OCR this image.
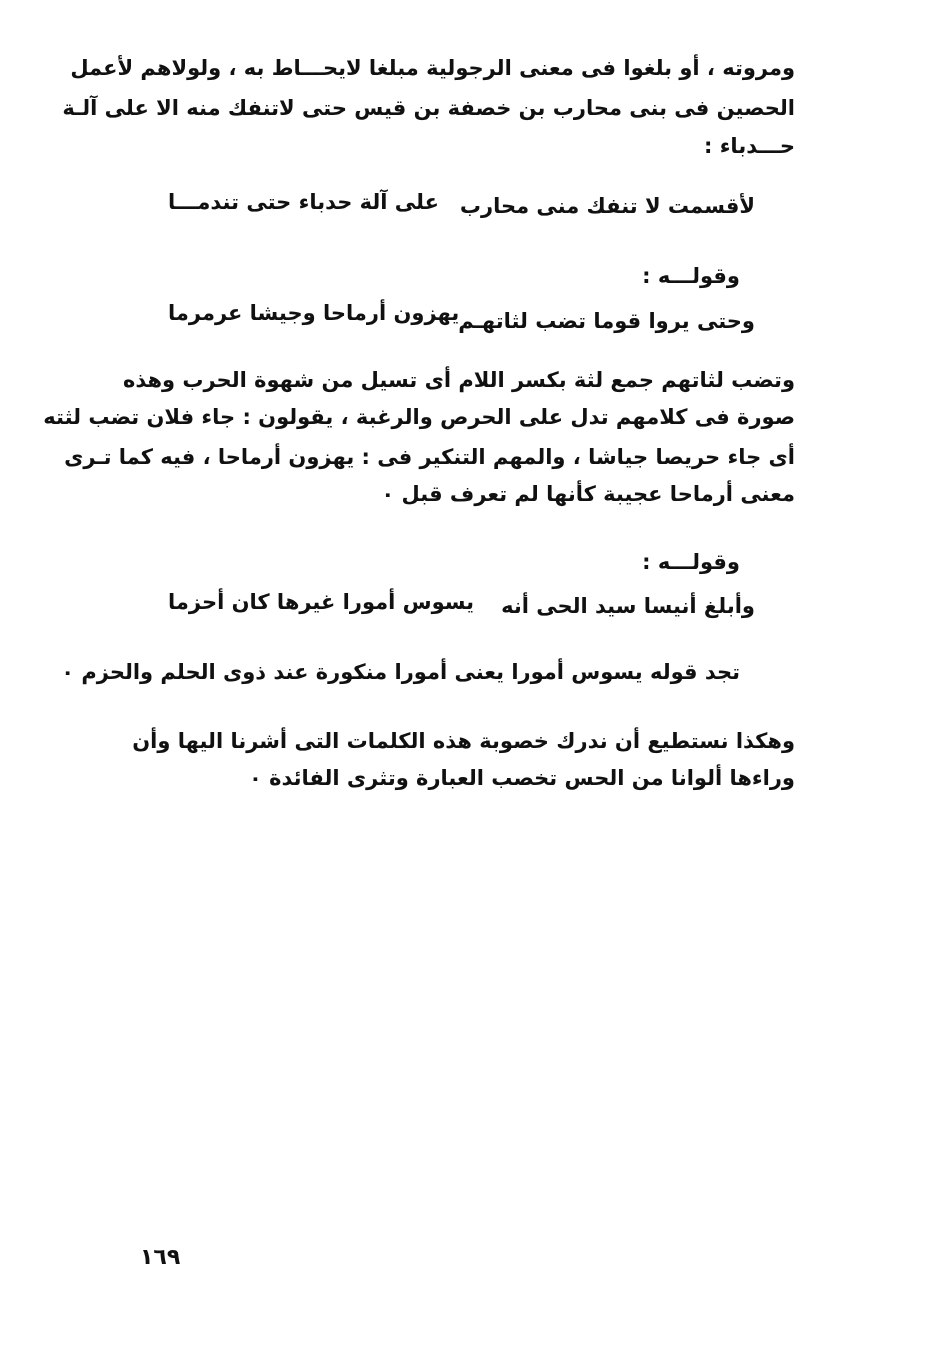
ومروته ، أو بلغوا فى معنى الرجولية مبلغا لايحـــاط به ، ولولاهم لأعمل
الحصين فى بنى محارب بن خصفة بن قيس حتى لاتنفك منه الا على آلـة
حـــدباء :
لأقسمت لا تنفك منى محارب
على آلة حدباء حتى تندمـــا
وقولـــه :
وحتى يروا قوما تضب لثاتهـم
يهزون أرماحا وجيشا عرمرما
وتضب لثاتهم جمع لثة بكسر اللام أى تسيل من شهوة الحرب وهذه
صورة فى كلامهم تدل على الحرص والرغبة ، يقولون : جاء فلان تضب لثته
أى جاء حريصا جياشا ، والمهم التنكير فى : يهزون أرماحا ، فيه كما تـرى
معنى أرماحا عجيبة كأنها لم تعرف قبل ٠
وقولـــه :
وأبلغ أنيسا سيد الحى أنه
يسوس أمورا غيرها كان أحزما
تجد قوله يسوس أمورا يعنى أمورا منكورة عند ذوى الحلم والحزم ٠
وهكذا نستطيع أن ندرك خصوبة هذه الكلمات التى أشرنا اليها وأن
وراءها ألوانا من الحس تخصب العبارة وتثرى الفائدة ٠
١٦٩
